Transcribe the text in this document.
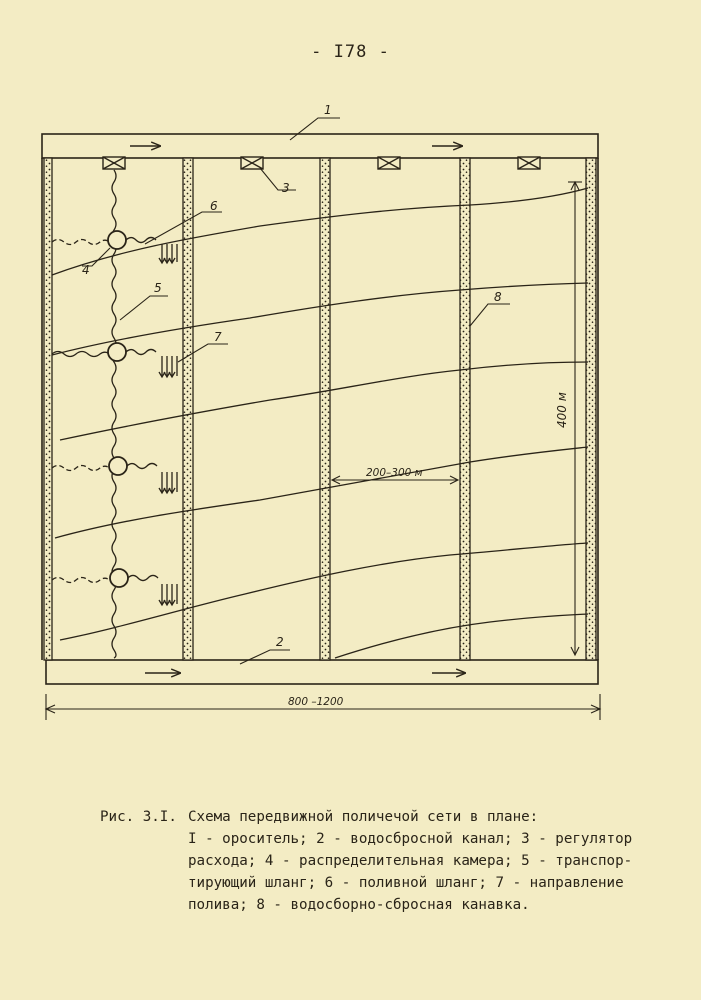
- I78 -
1
2
3
4
5
6
7
8
400 м
200–300 м
800 –1200
Рис. 3.I. Схема передвижной поличечой сети в плане:
I - ороситель; 2 - водосбросной канал; 3 - регулятор
расхода; 4 - распределительная камера; 5 - транспор-
тирующий шланг; 6 - поливной шланг; 7 - направление
полива; 8 - водосборно-сбросная канавка.
